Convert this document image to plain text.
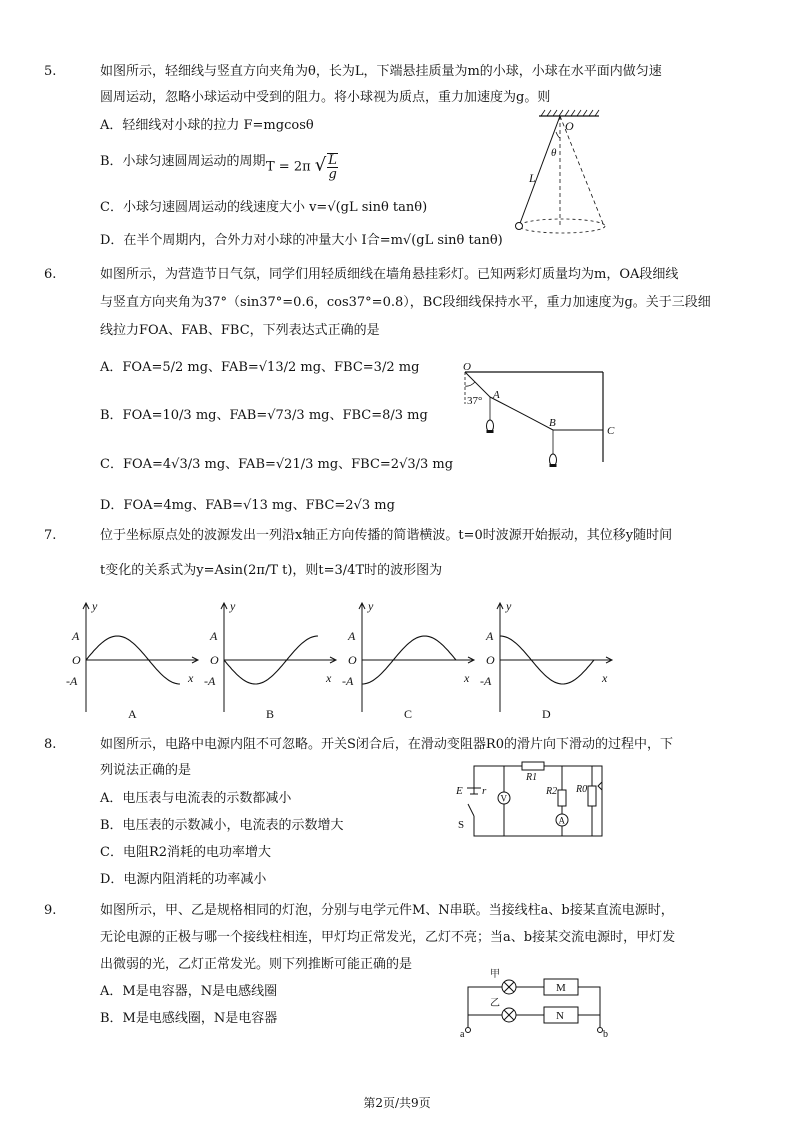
5.	如图所示，轻细线与竖直方向夹角为θ，长为L，下端悬挂质量为m的小球，小球在水平面内做匀速
圆周运动，忽略小球运动中受到的阻力。将小球视为质点，重力加速度为g。则
A．轻细线对小球的拉力 F=mgcosθ
B．小球匀速圆周运动的周期 T = 2π √ $\frac{L}{g}$
C．小球匀速圆周运动的线速度大小 v=√(gL sinθ tanθ)
D．在半个周期内，合外力对小球的冲量大小 I合=m√(gL sinθ tanθ)
O
θ
L
6.	如图所示，为营造节日气氛，同学们用轻质细线在墙角悬挂彩灯。已知两彩灯质量均为m，OA段细线
与竖直方向夹角为37°（sin37°=0.6，cos37°=0.8），BC段细线保持水平，重力加速度为g。关于三段细
线拉力FOA、FAB、FBC，下列表达式正确的是
A．FOA=5/2 mg、FAB=√13/2 mg、FBC=3/2 mg
B．FOA=10/3 mg、FAB=√73/3 mg、FBC=8/3 mg
C．FOA=4√3/3 mg、FAB=√21/3 mg、FBC=2√3/3 mg
D．FOA=4mg、FAB=√13 mg、FBC=2√3 mg
O
37° A
B
C
7.	位于坐标原点处的波源发出一列沿x轴正方向传播的简谐横波。t=0时波源开始振动，其位移y随时间
t变化的关系式为y=Asin(2π/T t)，则t=3/4T时的波形图为
y
A
O
-A	x
A
y
A
O
-A	x
B
y
A
O
-A	x
C
y
A
O
-A	x
D
8.	如图所示，电路中电源内阻不可忽略。开关S闭合后，在滑动变阻器R0的滑片向下滑动的过程中，下
列说法正确的是
A．电压表与电流表的示数都减小
B．电压表的示数减小，电流表的示数增大
C．电阻R2消耗的电功率增大
D．电源内阻消耗的功率减小
E r
S
V
A
R1
R2 R0
9.	如图所示，甲、乙是规格相同的灯泡，分别与电学元件M、N串联。当接线柱a、b接某直流电源时，
无论电源的正极与哪一个接线柱相连，甲灯均正常发光，乙灯不亮；当a、b接某交流电源时，甲灯发
出微弱的光，乙灯正常发光。则下列推断可能正确的是
A．M是电容器，N是电感线圈
B．M是电感线圈，N是电容器
甲
乙
M
N
a	b
第2页/共9页
